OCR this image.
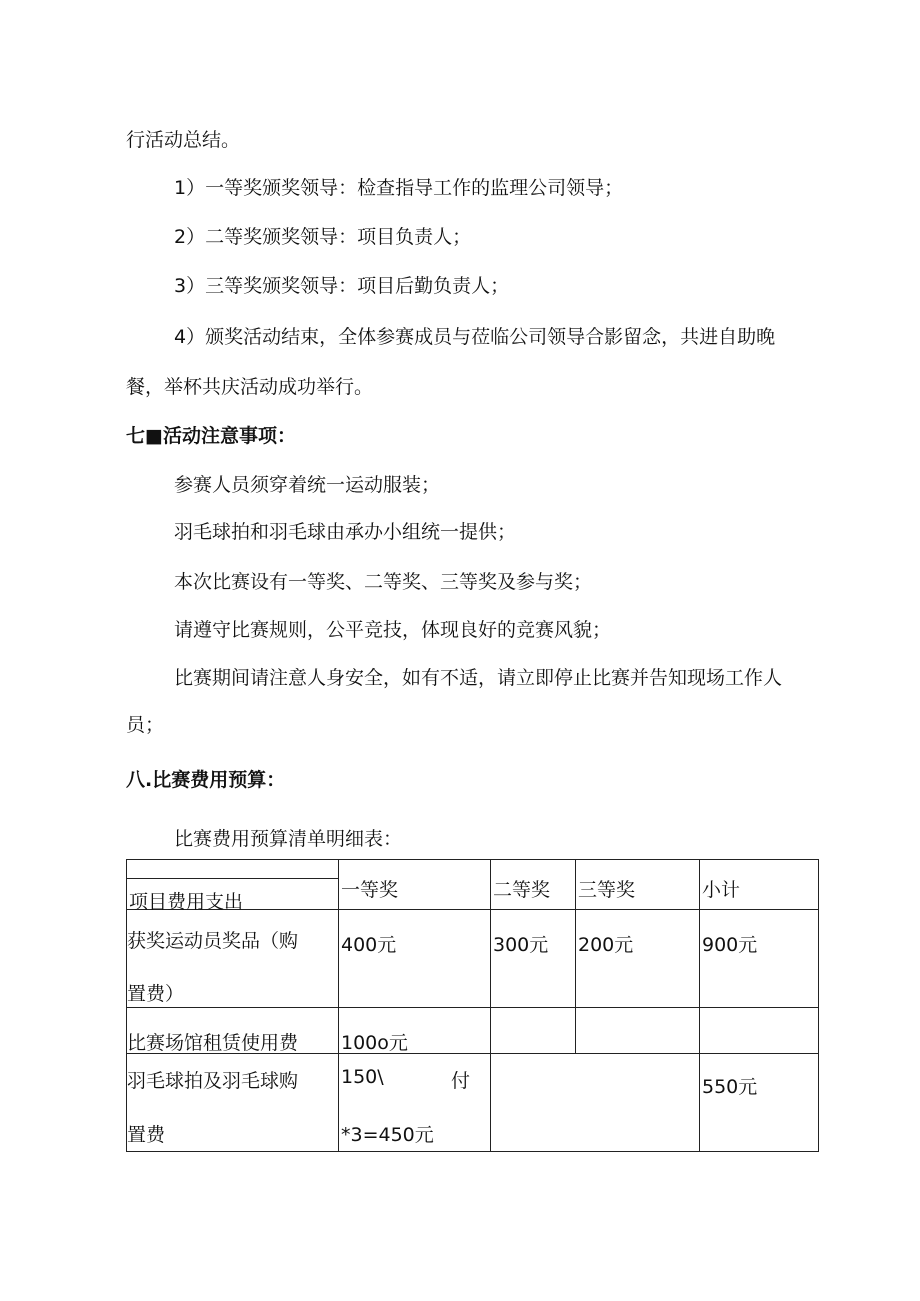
行活动总结。
1）一等奖颁奖领导：检查指导工作的监理公司领导；
2）二等奖颁奖领导：项目负责人；
3）三等奖颁奖领导：项目后勤负责人；
4）颁奖活动结束，全体参赛成员与莅临公司领导合影留念，共进自助晚
餐，举杯共庆活动成功举行。
七■活动注意事项：
参赛人员须穿着统一运动服装；
羽毛球拍和羽毛球由承办小组统一提供；
本次比赛设有一等奖、二等奖、三等奖及参与奖；
请遵守比赛规则，公平竞技，体现良好的竞赛风貌；
比赛期间请注意人身安全，如有不适，请立即停止比赛并告知现场工作人
员；
八.比赛费用预算：
比赛费用预算清单明细表：
项目费用支出	一等奖	二等奖	三等奖	小计

获奖运动员奖品（购
置费）	400元	300元	200元	900元

比赛场馆租赁使用费	100o元			

羽毛球拍及羽毛球购
置费	150\ 付
*3=450元			550元
